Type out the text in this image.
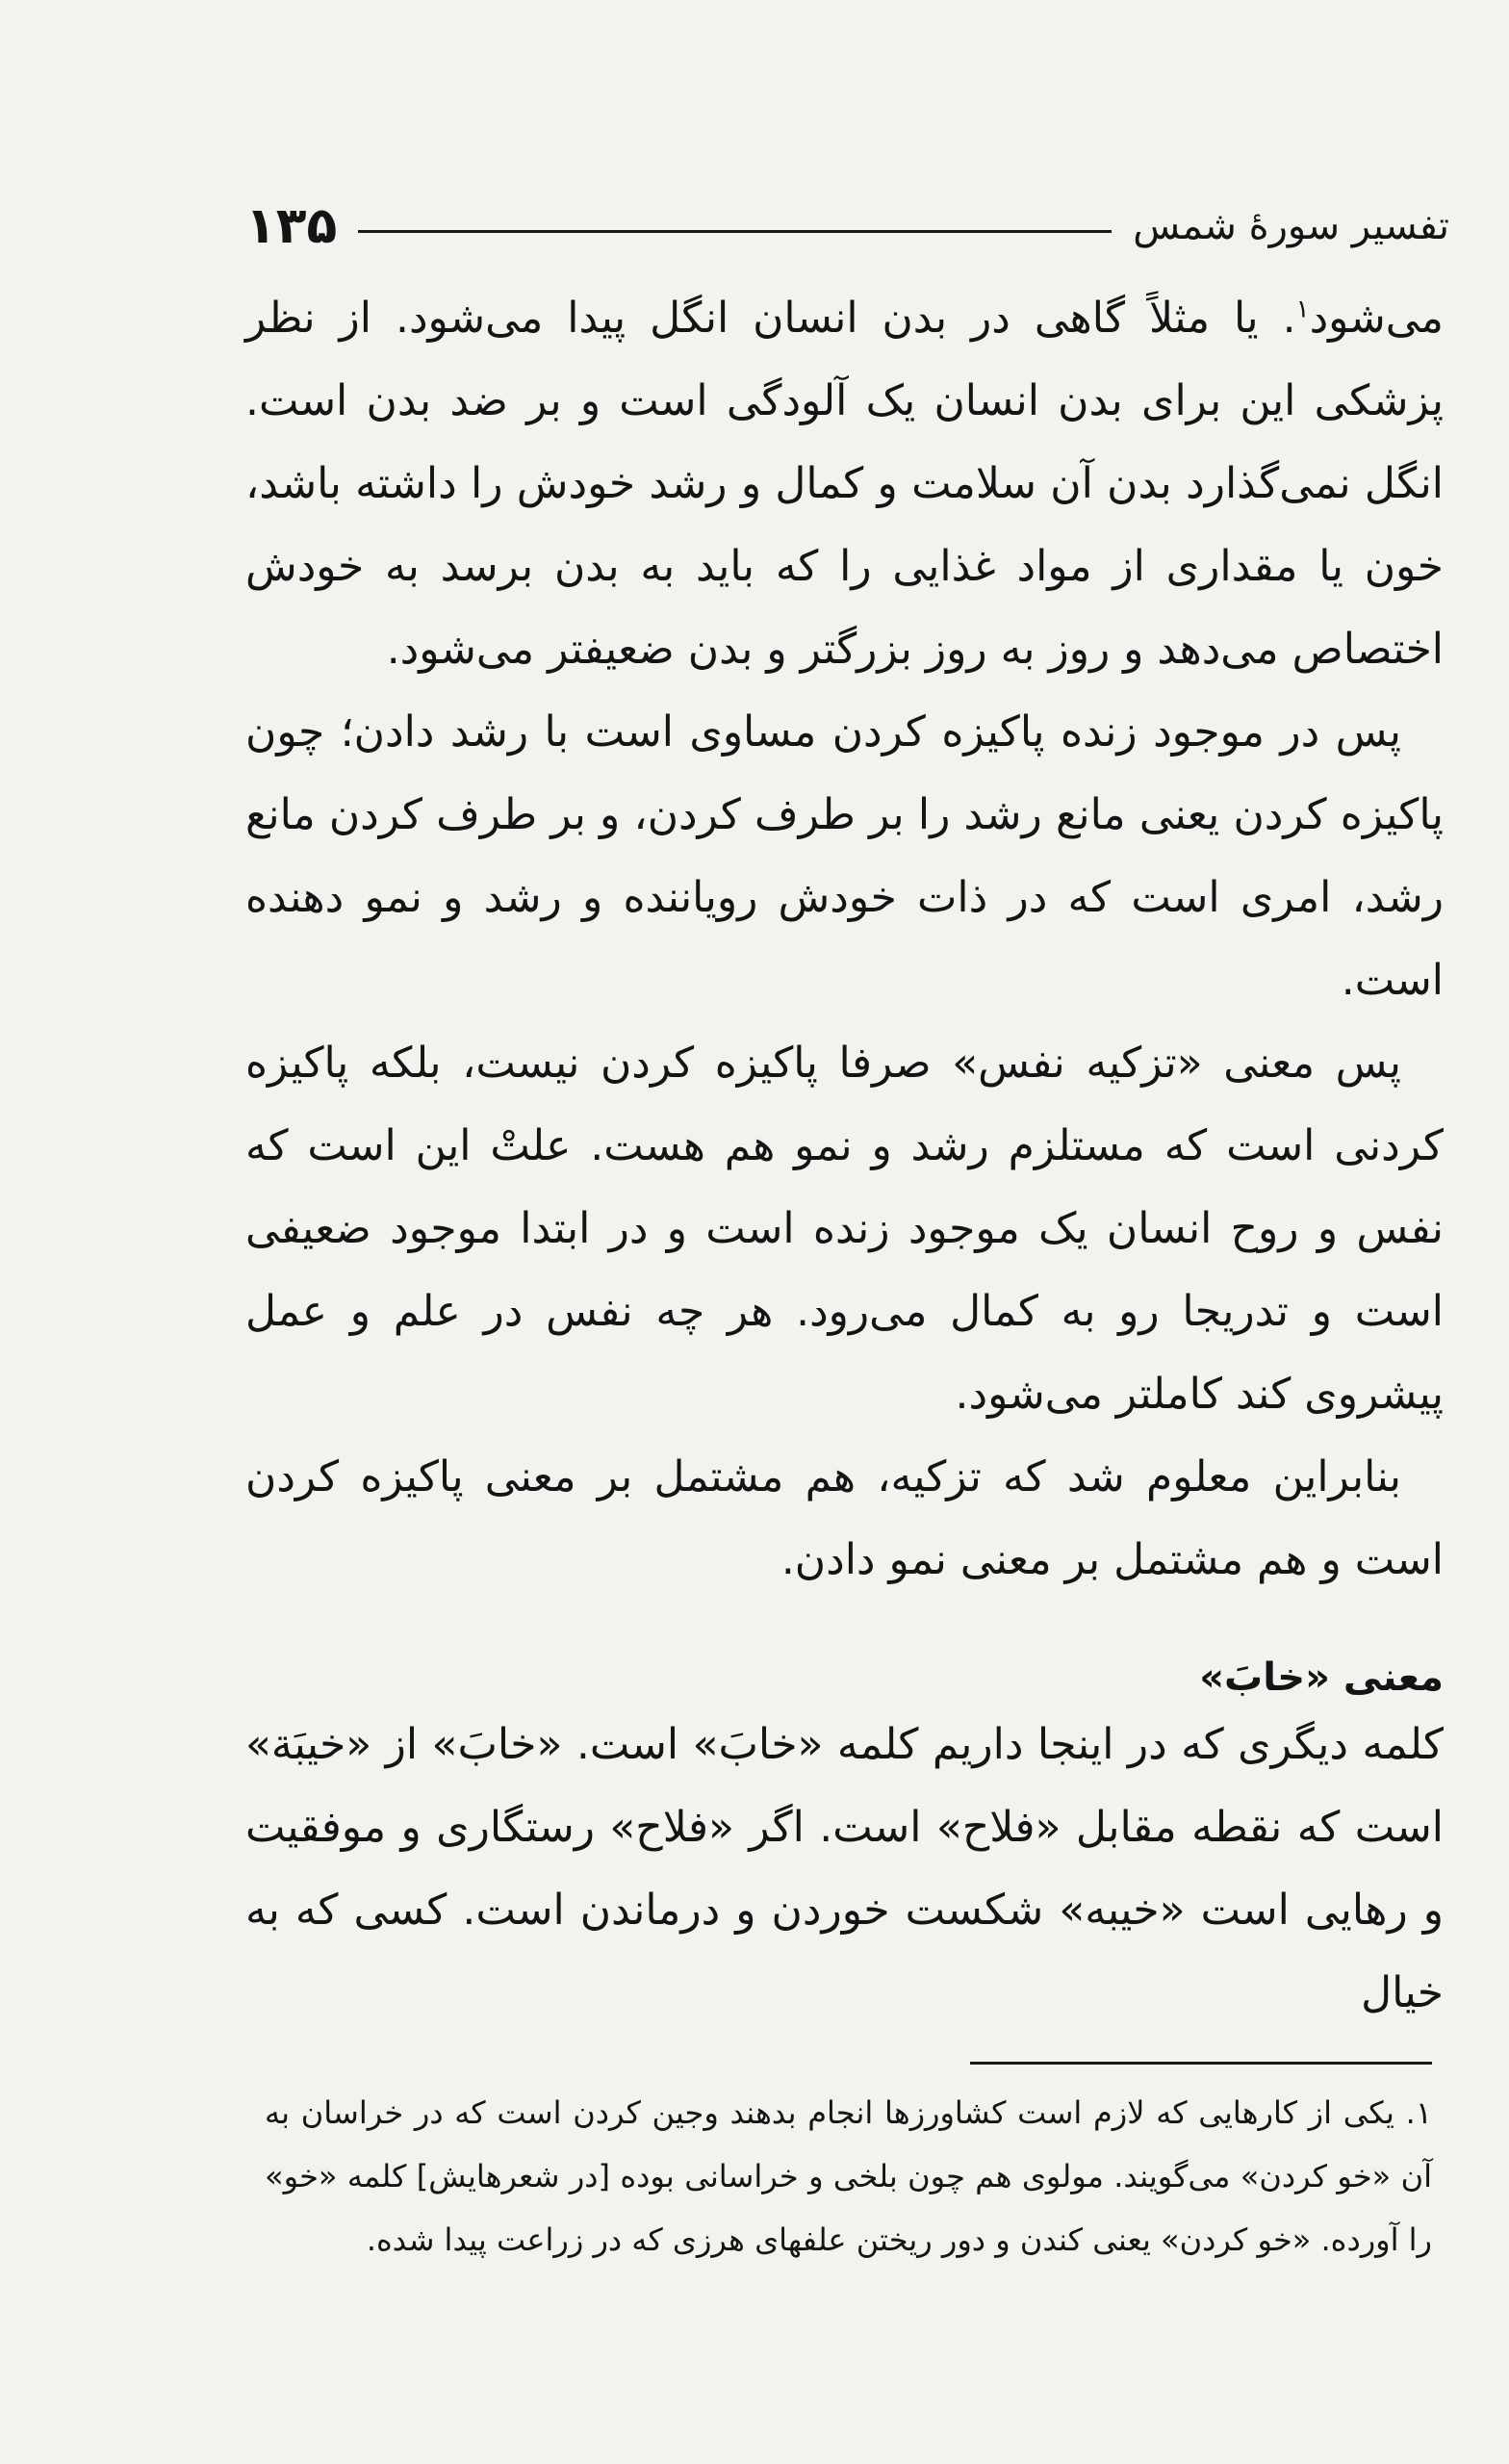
تفسیر سورهٔ شمس
۱۳۵

می‌شود$^۱$. یا مثلاً گاهی در بدن انسان انگل پیدا می‌شود. از نظر پزشکی این برای بدن انسان یک آلودگی است و بر ضد بدن است. انگل نمی‌گذارد بدن آن سلامت و کمال و رشد خودش را داشته باشد، خون یا مقداری از مواد غذایی را که باید به بدن برسد به خودش اختصاص می‌دهد و روز به روز بزرگتر و بدن ضعیفتر می‌شود.

پس در موجود زنده پاکیزه کردن مساوی است با رشد دادن؛ چون پاکیزه کردن یعنی مانع رشد را بر طرف کردن، و بر طرف کردن مانع رشد، امری است که در ذات خودش رویاننده و رشد و نمو دهنده است.

پس معنی «تزکیه نفس» صرفا پاکیزه کردن نیست، بلکه پاکیزه کردنی است که مستلزم رشد و نمو هم هست. علتْ این است که نفس و روح انسان یک موجود زنده است و در ابتدا موجود ضعیفی است و تدریجا رو به کمال می‌رود. هر چه نفس در علم و عمل پیشروی کند کاملتر می‌شود.

بنابراین معلوم شد که تزکیه، هم مشتمل بر معنی پاکیزه کردن است و هم مشتمل بر معنی نمو دادن.

معنی «خابَ»

کلمه دیگری که در اینجا داریم کلمه «خابَ» است. «خابَ» از «خیبَة» است که نقطه مقابل «فلاح» است. اگر «فلاح» رستگاری و موفقیت و رهایی است «خیبه» شکست خوردن و درماندن است. کسی که به خیال

۱. یکی از کارهایی که لازم است کشاورزها انجام بدهند وجین کردن است که در خراسان به آن «خو کردن» می‌گویند. مولوی هم چون بلخی و خراسانی بوده [در شعرهایش] کلمه «خو» را آورده. «خو کردن» یعنی کندن و دور ریختن علفهای هرزی که در زراعت پیدا شده.
